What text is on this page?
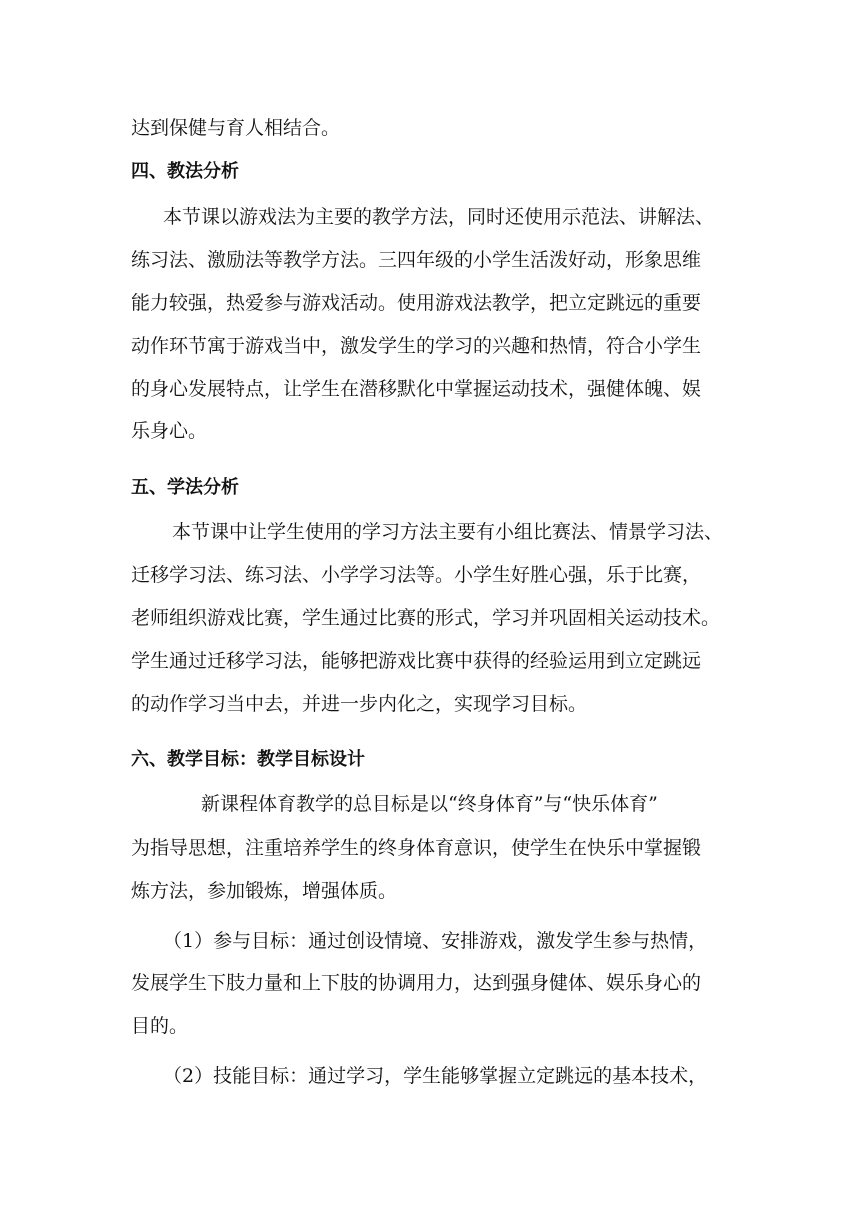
达到保健与育人相结合。
四、教法分析
本节课以游戏法为主要的教学方法，同时还使用示范法、讲解法、
练习法、激励法等教学方法。三四年级的小学生活泼好动，形象思维
能力较强，热爱参与游戏活动。使用游戏法教学，把立定跳远的重要
动作环节寓于游戏当中，激发学生的学习的兴趣和热情，符合小学生
的身心发展特点，让学生在潜移默化中掌握运动技术，强健体魄、娱
乐身心。
五、学法分析
本节课中让学生使用的学习方法主要有小组比赛法、情景学习法、
迁移学习法、练习法、小学学习法等。小学生好胜心强，乐于比赛，
老师组织游戏比赛，学生通过比赛的形式，学习并巩固相关运动技术。
学生通过迁移学习法，能够把游戏比赛中获得的经验运用到立定跳远
的动作学习当中去，并进一步内化之，实现学习目标。
六、教学目标：教学目标设计
新课程体育教学的总目标是以“终身体育”与“快乐体育”
为指导思想，注重培养学生的终身体育意识，使学生在快乐中掌握锻
炼方法，参加锻炼，增强体质。
（1）参与目标：通过创设情境、安排游戏，激发学生参与热情，
发展学生下肢力量和上下肢的协调用力，达到强身健体、娱乐身心的
目的。
（2）技能目标：通过学习，学生能够掌握立定跳远的基本技术，
